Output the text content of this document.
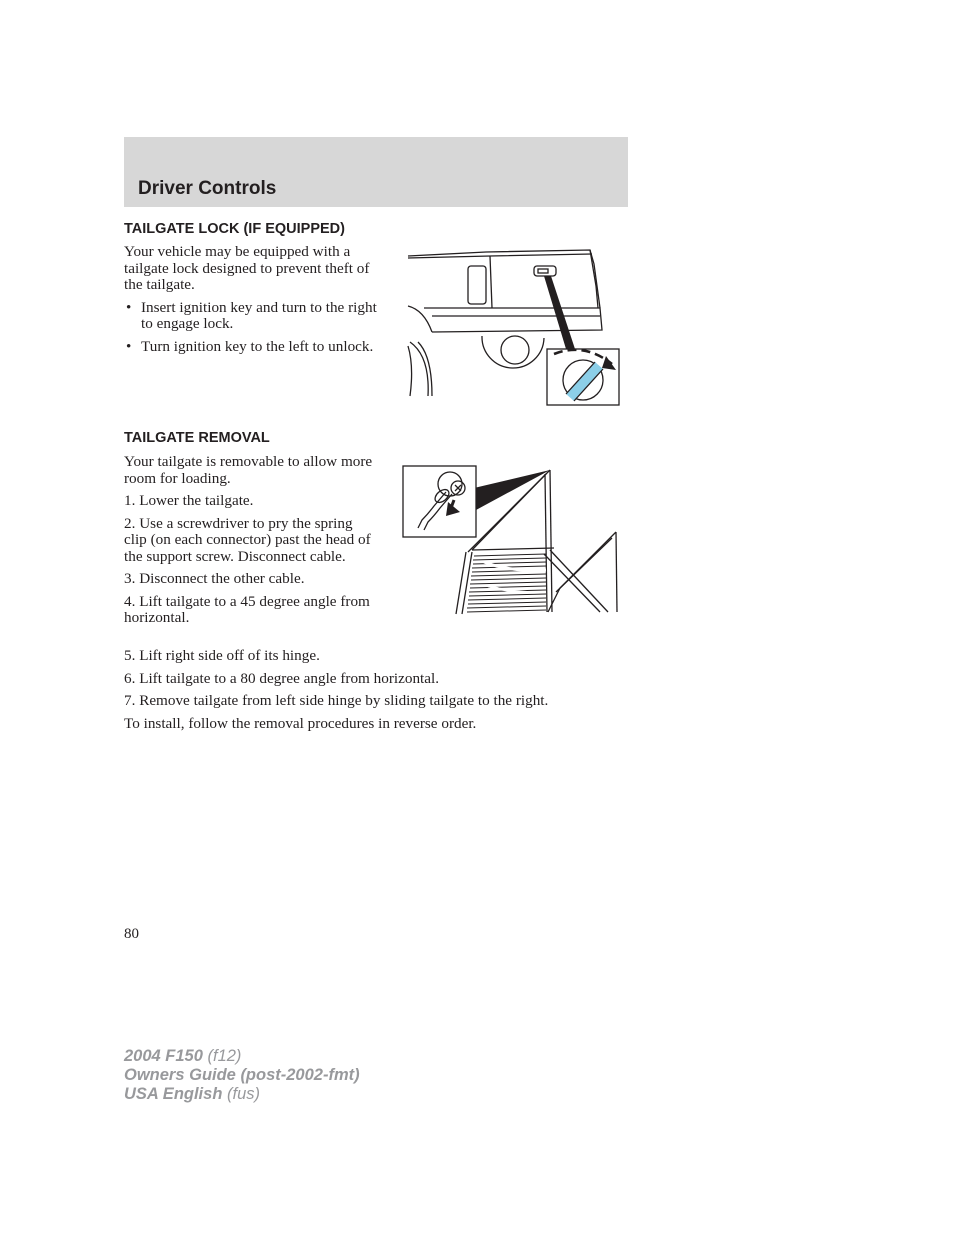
Driver Controls
TAILGATE LOCK (IF EQUIPPED)

Your vehicle may be equipped with a tailgate lock designed to prevent theft of the tailgate.

• Insert ignition key and turn to the right to engage lock.
• Turn ignition key to the left to unlock.
TAILGATE REMOVAL

Your tailgate is removable to allow more room for loading.

1. Lower the tailgate.
2. Use a screwdriver to pry the spring clip (on each connector) past the head of the support screw. Disconnect cable.
3. Disconnect the other cable.
4. Lift tailgate to a 45 degree angle from horizontal.
5. Lift right side off of its hinge.
6. Lift tailgate to a 80 degree angle from horizontal.
7. Remove tailgate from left side hinge by sliding tailgate to the right.

To install, follow the removal procedures in reverse order.

80
2004 F150 (f12)
Owners Guide (post-2002-fmt)
USA English (fus)
